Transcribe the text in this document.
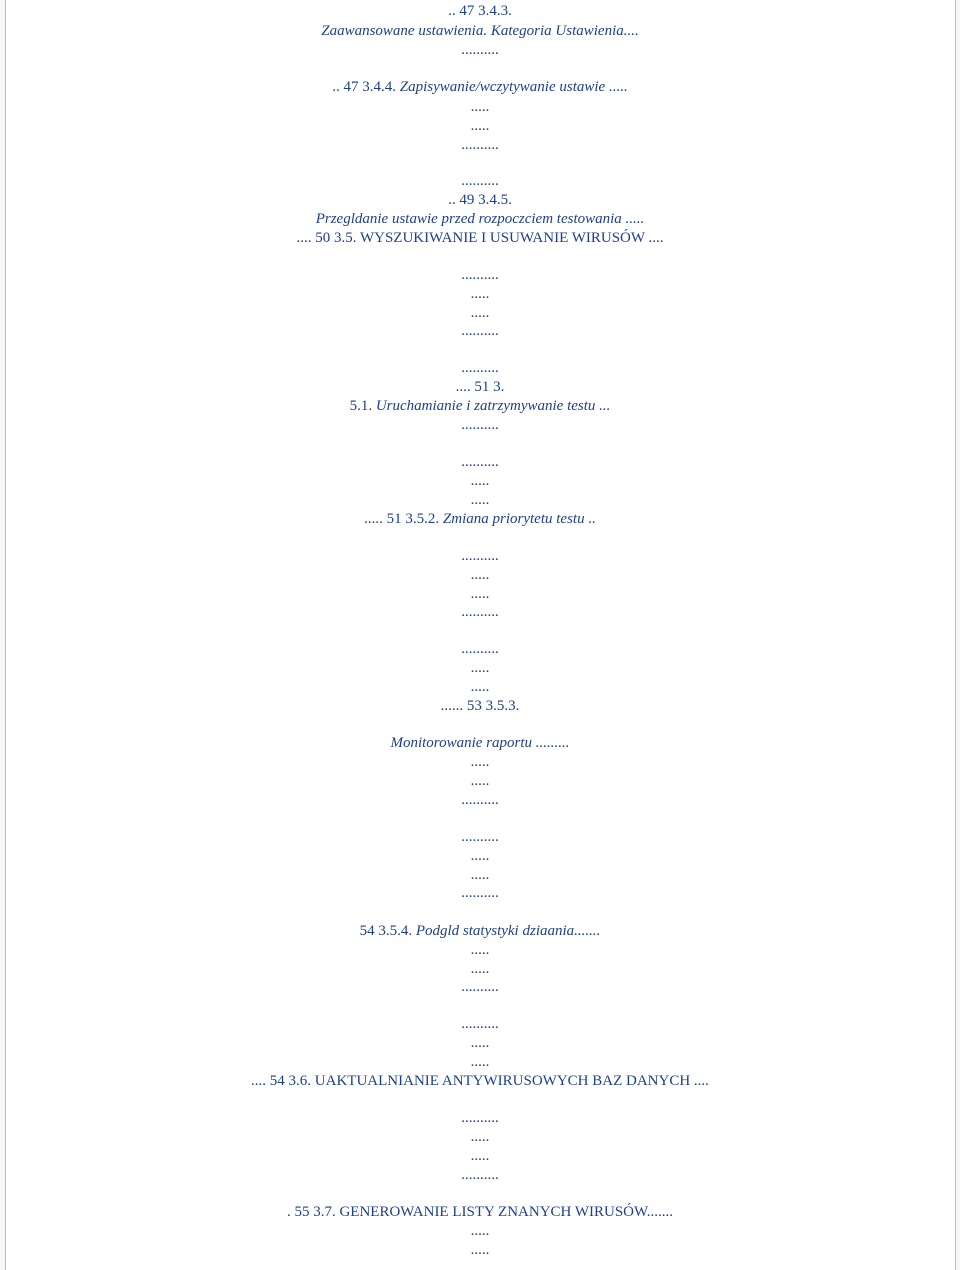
.. 47 3.4.3.
Zaawansowane ustawienia. Kategoria Ustawienia....
..........
.. 47 3.4.4. Zapisywanie/wczytywanie ustawie .....
.....
.....
..........
..........
.. 49 3.4.5.
Przegldanie ustawie przed rozpoczciem testowania .....
.... 50 3.5. WYSZUKIWANIE I USUWANIE WIRUSÓW ....
..........
.....
.....
..........
..........
.... 51 3.
5.1. Uruchamianie i zatrzymywanie testu ...
..........
..........
.....
.....
..... 51 3.5.2. Zmiana priorytetu testu ..
..........
.....
.....
..........
..........
.....
.....
...... 53 3.5.3.
Monitorowanie raportu .........
.....
.....
..........
..........
.....
.....
..........
54 3.5.4. Podgld statystyki dziaania.......
.....
.....
..........
..........
.....
.....
.... 54 3.6. UAKTUALNIANIE ANTYWIRUSOWYCH BAZ DANYCH ....
..........
.....
.....
..........
. 55 3.7. GENEROWANIE LISTY ZNANYCH WIRUSÓW.......
.....
.....
